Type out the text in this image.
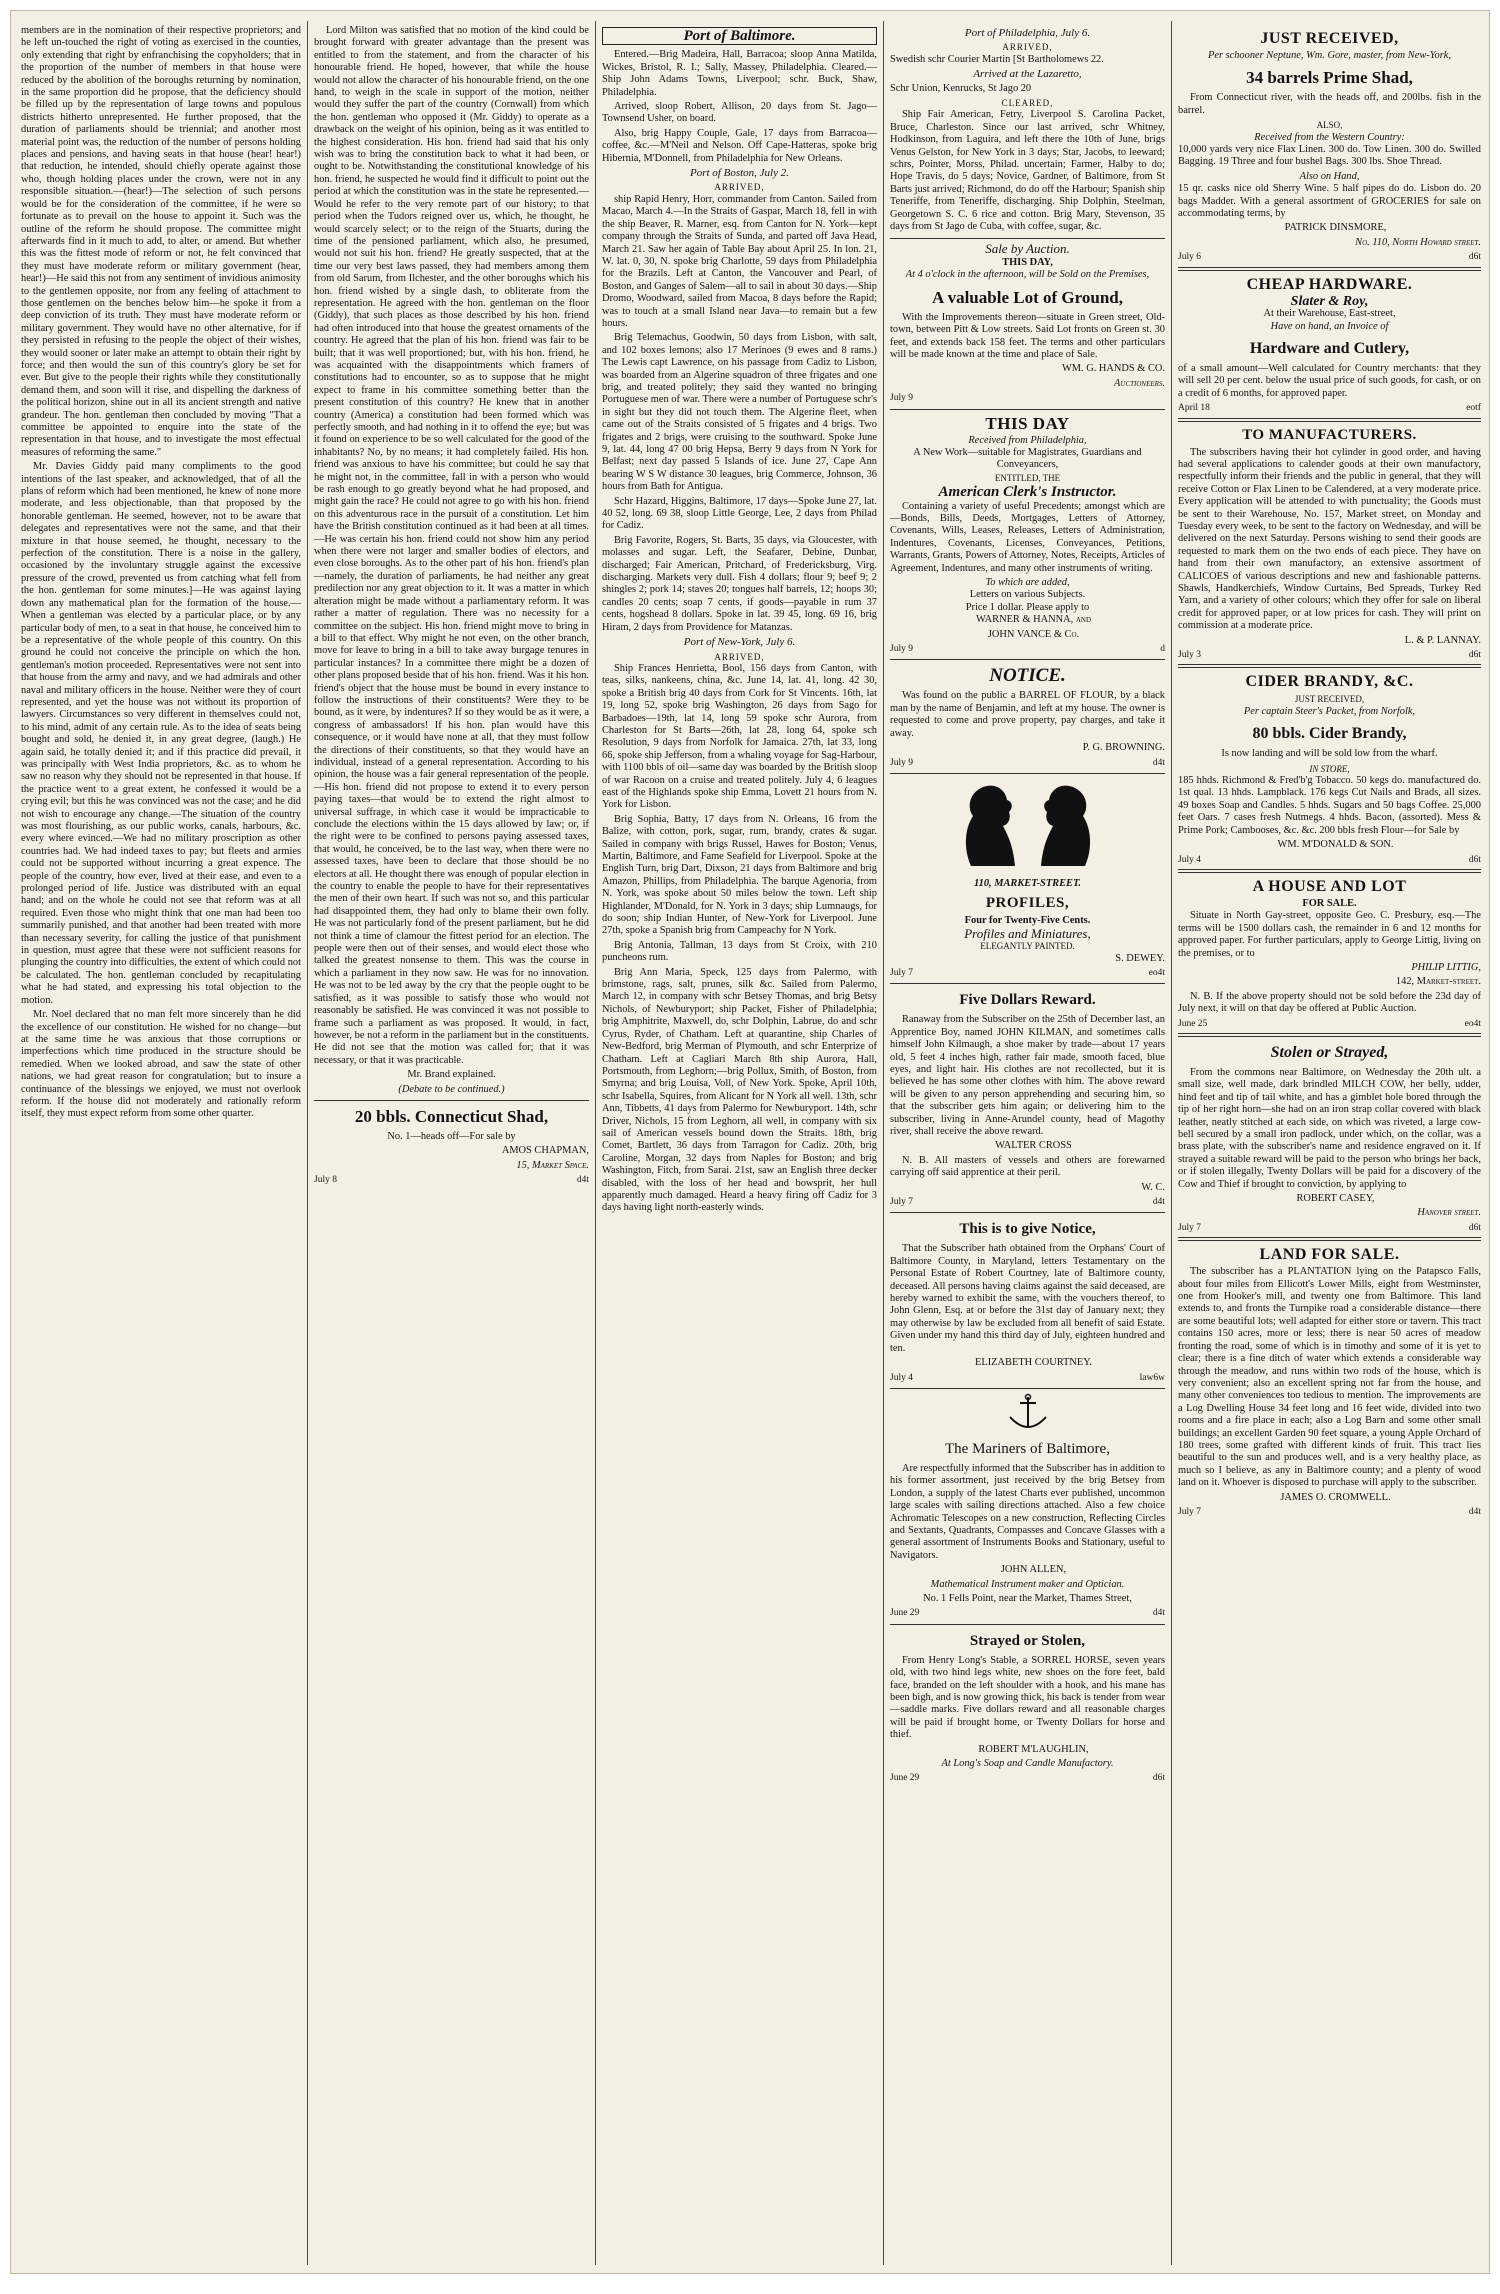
members are in the nomination of their respective proprietors; and he left un-touched the right of voting as exercised in the counties, only extending that right by enfranchising the copyholders; that in the proportion of the number of members in that house were reduced by the abolition of the boroughs returning by nomination, in the same proportion did he propose, that the deficiency should be filled up by the representation of large towns and populous districts hitherto unrepresented. He further proposed, that the duration of parliaments should be triennial; and another most material point was, the reduction of the number of persons holding places and pensions, and having seats in that house (hear! hear!) that reduction, he intended, should chiefly operate against those who, though holding places under the crown, were not in any responsible situation.—(hear!)—The selection of such persons would be for the consideration of the committee, if he were so fortunate as to prevail on the house to appoint it. Such was the outline of the reform he should propose. The committee might afterwards find in it much to add, to alter, or amend. But whether this was the fittest mode of reform or not, he felt convinced that they must have moderate reform or military government (hear, hear!)—He said this not from any sentiment of invidious animosity to the gentlemen opposite, nor from any feeling of attachment to those gentlemen on the benches below him—he spoke it from a deep conviction of its truth. They must have moderate reform or military government. They would have no other alternative, for if they persisted in refusing to the people the object of their wishes, they would sooner or later make an attempt to obtain their right by force; and then would the sun of this country's glory be set for ever. But give to the people their rights while they constitutionally demand them, and soon will it rise, and dispelling the darkness of the political horizon, shine out in all its ancient strength and native grandeur. The hon. gentleman then concluded by moving "That a committee be appointed to enquire into the state of the representation in that house, and to investigate the most effectual measures of reforming the same."

Mr. Davies Giddy paid many compliments to the good intentions of the last speaker, and acknowledged, that of all the plans of reform which had been mentioned, he knew of none more moderate, and less objectionable, than that proposed by the honorable gentleman. He seemed, however, not to be aware that delegates and representatives were not the same, and that their mixture in that house seemed, he thought, necessary to the perfection of the constitution. There is a noise in the gallery, occasioned by the involuntary struggle against the excessive pressure of the crowd, prevented us from catching what fell from the hon. gentleman for some minutes.]—He was against laying down any mathematical plan for the formation of the house.—When a gentleman was elected by a particular place, or by any particular body of men, to a seat in that house, he conceived him to be a representative of the whole people of this country. On this ground he could not conceive the principle on which the hon. gentleman's motion proceeded. Representatives were not sent into that house from the army and navy, and we had admirals and other naval and military officers in the house. Neither were they of court represented, and yet the house was not without its proportion of lawyers. Circumstances so very different in themselves could not, to his mind, admit of any certain rule. As to the idea of seats being bought and sold, he denied it, in any great degree, (laugh.) He again said, he totally denied it; and if this practice did prevail, it was principally with West India proprietors, &c. as to whom he saw no reason why they should not be represented in that house. If the practice went to a great extent, he confessed it would be a crying evil; but this he was convinced was not the case; and he did not wish to encourage any change.—The situation of the country was most flourishing, as our public works, canals, harbours, &c. every where evinced.—We had no military proscription as other countries had. We had indeed taxes to pay; but fleets and armies could not be supported without incurring a great expence. The people of the country, how ever, lived at their ease, and even to a prolonged period of life. Justice was distributed with an equal hand; and on the whole he could not see that reform was at all required. Even those who might think that one man had been too summarily punished, and that another had been treated with more than necessary severity, for calling the justice of that punishment in question, must agree that these were not sufficient reasons for plunging the country into difficulties, the extent of which could not be calculated. The hon. gentleman concluded by recapitulating what he had stated, and expressing his total objection to the motion.

Mr. Noel declared that no man felt more sincerely than he did the excellence of our constitution. He wished for no change—but at the same time he was anxious that those corruptions or imperfections which time produced in the structure should be remedied. When we looked abroad, and saw the state of other nations, we had great reason for congratulation; but to insure a continuance of the blessings we enjoyed, we must not overlook reform. If the house did not moderately and rationally reform itself, they must expect reform from some other quarter.

Lord Milton was satisfied that no motion of the kind could be brought forward with greater advantage than the present was entitled to from the statement, and from the character of his honourable friend. He hoped, however, that while the house would not allow the character of his honourable friend, on the one hand, to weigh in the scale in support of the motion, neither would they suffer the part of the country (Cornwall) from which the hon. gentleman who opposed it (Mr. Giddy) to operate as a drawback on the weight of his opinion, being as it was entitled to the highest consideration. His hon. friend had said that his only wish was to bring the constitution back to what it had been, or ought to be. Notwithstanding the constitutional knowledge of his hon. friend, he suspected he would find it difficult to point out the period at which the constitution was in the state he represented.—Would he refer to the very remote part of our history; to that period when the Tudors reigned over us, which, he thought, he would scarcely select; or to the reign of the Stuarts, during the time of the pensioned parliament, which also, he presumed, would not suit his hon. friend? He greatly suspected, that at the time our very best laws passed, they had members among them from old Sarum, from Ilchester, and the other boroughs which his hon. friend wished by a single dash, to obliterate from the representation. He agreed with the hon. gentleman on the floor (Giddy), that such places as those described by his hon. friend had often introduced into that house the greatest ornaments of the country. He agreed that the plan of his hon. friend was fair to be built; that it was well proportioned; but, with his hon. friend, he was acquainted with the disappointments which framers of constitutions had to encounter, so as to suppose that he might expect to frame in his committee something better than the present constitution of this country? He knew that in another country (America) a constitution had been formed which was perfectly smooth, and had nothing in it to offend the eye; but was it found on experience to be so well calculated for the good of the inhabitants? No, by no means; it had completely failed. His hon. friend was anxious to have his committee; but could he say that he might not, in the committee, fall in with a person who would be rash enough to go greatly beyond what he had proposed, and might gain the race? He could not agree to go with his hon. friend on this adventurous race in the pursuit of a constitution. Let him have the British constitution continued as it had been at all times.—He was certain his hon. friend could not show him any period when there were not larger and smaller bodies of electors, and even close boroughs. As to the other part of his hon. friend's plan—namely, the duration of parliaments, he had neither any great predilection nor any great objection to it. It was a matter in which alteration might be made without a parliamentary reform. It was rather a matter of regulation. There was no necessity for a committee on the subject. His hon. friend might move to bring in a bill to that effect. Why might he not even, on the other branch, move for leave to bring in a bill to take away burgage tenures in particular instances? In a committee there might be a dozen of other plans proposed beside that of his hon. friend. Was it his hon. friend's object that the house must be bound in every instance to follow the instructions of their constituents? Were they to be bound, as it were, by indentures? If so they would be as it were, a congress of ambassadors! If his hon. plan would have this consequence, or it would have none at all, that they must follow the directions of their constituents, so that they would have an individual, instead of a general representation. According to his opinion, the house was a fair general representation of the people.—His hon. friend did not propose to extend it to every person paying taxes—that would be to extend the right almost to universal suffrage, in which case it would be impracticable to conclude the elections within the 15 days allowed by law; or, if the right were to be confined to persons paying assessed taxes, that would, he conceived, be to the last way, when there were no assessed taxes, have been to declare that those should be no electors at all. He thought there was enough of popular election in the country to enable the people to have for their representatives the men of their own heart. If such was not so, and this particular had disappointed them, they had only to blame their own folly. He was not particularly fond of the present parliament, but he did not think a time of clamour the fittest period for an election. The people were then out of their senses, and would elect those who talked the greatest nonsense to them. This was the course in which a parliament in they now saw. He was for no innovation. He was not to be led away by the cry that the people ought to be satisfied, as it was possible to satisfy those who would not reasonably be satisfied. He was convinced it was not possible to frame such a parliament as was proposed. It would, in fact, however, be not a reform in the parliament but in the constituents. He did not see that the motion was called for; that it was necessary, or that it was practicable.

Mr. Brand explained.

(Debate to be continued.)

20 bbls. Connecticut Shad,

No. 1—heads off—For sale by

AMOS CHAPMAN,

15, Market Space.

July 8	d4t
Port of Baltimore.

Entered.—Brig Madeira, Hall, Barracoa; sloop Anna Matilda, Wickes, Bristol, R. I.; Sally, Massey, Philadelphia. Cleared.—Ship John Adams Towns, Liverpool; schr. Buck, Shaw, Philadelphia.

Arrived, sloop Robert, Allison, 20 days from St. Jago—Townsend Usher, on board.

Also, brig Happy Couple, Gale, 17 days from Barracoa—coffee, &c.—M'Neil and Nelson. Off Cape-Hatteras, spoke brig Hibernia, M'Donnell, from Philadelphia for New Orleans.

Port of Boston, July 2.
ARRIVED,

ship Rapid Henry, Horr, commander from Canton. Sailed from Macao, March 4.—In the Straits of Gaspar, March 18, fell in with the ship Beaver, R. Marner, esq. from Canton for N. York—kept company through the Straits of Sunda, and parted off Java Head, March 21. Saw her again of Table Bay about April 25. In lon. 21, W. lat. 0, 30, N. spoke brig Charlotte, 59 days from Philadelphia for the Brazils. Left at Canton, the Vancouver and Pearl, of Boston, and Ganges of Salem—all to sail in about 30 days.—Ship Dromo, Woodward, sailed from Macoa, 8 days before the Rapid; was to touch at a small Island near Java—to remain but a few hours.

Brig Telemachus, Goodwin, 50 days from Lisbon, with salt, and 102 boxes lemons; also 17 Merinoes (9 ewes and 8 rams.) The Lewis capt Lawrence, on his passage from Cadiz to Lisbon, was boarded from an Algerine squadron of three frigates and one brig, and treated politely; they said they wanted no bringing Portuguese men of war. There were a number of Portuguese schr's in sight but they did not touch them. The Algerine fleet, when came out of the Straits consisted of 5 frigates and 4 brigs. Two frigates and 2 brigs, were cruising to the southward. Spoke June 9, lat. 44, long 47 00 brig Hepsa, Berry 9 days from N York for Belfast; next day passed 5 Islands of ice. June 27, Cape Ann bearing W S W distance 30 leagues, brig Commerce, Johnson, 36 hours from Bath for Antigua.

Schr Hazard, Higgins, Baltimore, 17 days—Spoke June 27, lat. 40 52, long. 69 38, sloop Little George, Lee, 2 days from Philad for Cadiz.

Brig Favorite, Rogers, St. Barts, 35 days, via Gloucester, with molasses and sugar. Left, the Seafarer, Debine, Dunbar, discharged; Fair American, Pritchard, of Fredericksburg, Virg. discharging. Markets very dull. Fish 4 dollars; flour 9; beef 9; 2 shingles 2; pork 14; staves 20; tongues half barrels, 12; hoops 30; candles 20 cents; soap 7 cents, if goods—payable in rum 37 cents, hogshead 8 dollars. Spoke in lat. 39 45, long. 69 16, brig Hiram, 2 days from Providence for Matanzas.

Port of New-York, July 6.
ARRIVED,

Ship Frances Henrietta, Bool, 156 days from Canton, with teas, silks, nankeens, china, &c. June 14, lat. 41, long. 42 30, spoke a British brig 40 days from Cork for St Vincents. 16th, lat 19, long 52, spoke brig Washington, 26 days from Sago for Barbadoes—19th, lat 14, long 59 spoke schr Aurora, from Charleston for St Barts—26th, lat 28, long 64, spoke sch Resolution, 9 days from Norfolk for Jamaica. 27th, lat 33, long 66, spoke ship Jefferson, from a whaling voyage for Sag-Harbour, with 1100 bbls of oil—same day was boarded by the British sloop of war Racoon on a cruise and treated politely. July 4, 6 leagues east of the Highlands spoke ship Emma, Lovett 21 hours from N. York for Lisbon.

Brig Sophia, Batty, 17 days from N. Orleans, 16 from the Balize, with cotton, pork, sugar, rum, brandy, crates & sugar. Sailed in company with brigs Russel, Hawes for Boston; Venus, Martin, Baltimore, and Fame Seafield for Liverpool. Spoke at the English Turn, brig Dart, Dixson, 21 days from Baltimore and brig Amazon, Phillips, from Philadelphia. The barque Agenoria, from N. York, was spoke about 50 miles below the town. Left ship Highlander, M'Donald, for N. York in 3 days; ship Lumnaugs, for do soon; ship Indian Hunter, of New-York for Liverpool. June 27th, spoke a Spanish brig from Campeachy for N York.

Brig Antonia, Tallman, 13 days from St Croix, with 210 puncheons rum.

Brig Ann Maria, Speck, 125 days from Palermo, with brimstone, rags, salt, prunes, silk &c. Sailed from Palermo, March 12, in company with schr Betsey Thomas, and brig Betsy Nichols, of Newburyport; ship Packet, Fisher of Philadelphia; brig Amphitrite, Maxwell, do, schr Dolphin, Labrue, do and schr Cyrus, Ryder, of Chatham. Left at quarantine, ship Charles of New-Bedford, brig Merman of Plymouth, and schr Enterprize of Chatham. Left at Cagliari March 8th ship Aurora, Hall, Portsmouth, from Leghorn;—brig Pollux, Smith, of Boston, from Smyrna; and brig Louisa, Voll, of New York. Spoke, April 10th, schr Isabella, Squires, from Alicant for N York all well. 13th, schr Ann, Tibbetts, 41 days from Palermo for Newburyport. 14th, schr Driver, Nichols, 15 from Leghorn, all well, in company with six sail of American vessels bound down the Straits. 18th, brig Comet, Bartlett, 36 days from Tarragon for Cadiz. 20th, brig Caroline, Morgan, 32 days from Naples for Boston; and brig Washington, Fitch, from Sarai. 21st, saw an English three decker disabled, with the loss of her head and bowsprit, her hull apparently much damaged. Heard a heavy firing off Cadiz for 3 days having light north-easterly winds.

Port of Philadelphia, July 6.
ARRIVED,

Swedish schr Courier Martin [St Bartholomews 22.

Arrived at the Lazaretto,

Schr Union, Kenrucks, St Jago 20

CLEARED,

Ship Fair American, Fetry, Liverpool S. Carolina Packet, Bruce, Charleston. Since our last arrived, schr Whitney, Hodkinson, from Laguira, and left there the 10th of June, brigs Venus Gelston, for New York in 3 days; Star, Jacobs, to leeward; schrs, Pointer, Morss, Philad. uncertain; Farmer, Halby to do; Hope Travis, do 5 days; Novice, Gardner, of Baltimore, from St Barts just arrived; Richmond, do do off the Harbour; Spanish ship Teneriffe, from Teneriffe, discharging. Ship Dolphin, Steelman, Georgetown S. C. 6 rice and cotton. Brig Mary, Stevenson, 35 days from St Jago de Cuba, with coffee, sugar, &c.

Sale by Auction.
THIS DAY,
At 4 o'clock in the afternoon, will be Sold on the Premises,
A valuable Lot of Ground,

With the Improvements thereon—situate in Green street, Old-town, between Pitt & Low streets. Said Lot fronts on Green st. 30 feet, and extends back 158 feet. The terms and other particulars will be made known at the time and place of Sale.

WM. G. HANDS & CO.

Auctioneers.

July 9
THIS DAY
Received from Philadelphia,
A New Work—suitable for Magistrates, Guardians and Conveyancers,
ENTITLED, THE
American Clerk's Instructor.

Containing a variety of useful Precedents; amongst which are—Bonds, Bills, Deeds, Mortgages, Letters of Attorney, Covenants, Wills, Leases, Releases, Letters of Administration, Indentures, Covenants, Licenses, Conveyances, Petitions, Warrants, Grants, Powers of Attorney, Notes, Receipts, Articles of Agreement, Indentures, and many other instruments of writing.

To which are added,
Letters on various Subjects.
Price 1 dollar. Please apply to

WARNER & HANNA, and

JOHN VANCE & Co.

July 9	d
NOTICE.

Was found on the public a BARREL OF FLOUR, by a black man by the name of Benjamin, and left at my house. The owner is requested to come and prove property, pay charges, and take it away.

P. G. BROWNING.

July 9	d4t
110, MARKET-STREET.
PROFILES,
Four for Twenty-Five Cents.
Profiles and Miniatures,
ELEGANTLY PAINTED.

S. DEWEY.

July 7	eo4t
Five Dollars Reward.

Ranaway from the Subscriber on the 25th of December last, an Apprentice Boy, named JOHN KILMAN, and sometimes calls himself John Kilmaugh, a shoe maker by trade—about 17 years old, 5 feet 4 inches high, rather fair made, smooth faced, blue eyes, and light hair. His clothes are not recollected, but it is believed he has some other clothes with him. The above reward will be given to any person apprehending and securing him, so that the subscriber gets him again; or delivering him to the subscriber, living in Anne-Arundel county, head of Magothy river, shall receive the above reward.

WALTER CROSS

N. B. All masters of vessels and others are forewarned carrying off said apprentice at their peril.

W. C.

July 7	d4t
This is to give Notice,

That the Subscriber hath obtained from the Orphans' Court of Baltimore County, in Maryland, letters Testamentary on the Personal Estate of Robert Courtney, late of Baltimore county, deceased. All persons having claims against the said deceased, are hereby warned to exhibit the same, with the vouchers thereof, to John Glenn, Esq. at or before the 31st day of January next; they may otherwise by law be excluded from all benefit of said Estate. Given under my hand this third day of July, eighteen hundred and ten.

ELIZABETH COURTNEY.

July 4	law6w
The Mariners of Baltimore,

Are respectfully informed that the Subscriber has in addition to his former assortment, just received by the brig Betsey from London, a supply of the latest Charts ever published, uncommon large scales with sailing directions attached. Also a few choice Achromatic Telescopes on a new construction, Reflecting Circles and Sextants, Quadrants, Compasses and Concave Glasses with a general assortment of Instruments Books and Stationary, useful to Navigators.

JOHN ALLEN,

Mathematical Instrument maker and Optician.

No. 1 Fells Point, near the Market, Thames Street,

June 29	d4t
Strayed or Stolen,

From Henry Long's Stable, a SORREL HORSE, seven years old, with two hind legs white, new shoes on the fore feet, bald face, branded on the left shoulder with a hook, and his mane has been bigh, and is now growing thick, his back is tender from wear—saddle marks. Five dollars reward and all reasonable charges will be paid if brought home, or Twenty Dollars for horse and thief.

ROBERT M'LAUGHLIN,

At Long's Soap and Candle Manufactory.

June 29	d6t
JUST RECEIVED,
Per schooner Neptune, Wm. Gore, master, from New-York,
34 barrels Prime Shad,

From Connecticut river, with the heads off, and 200lbs. fish in the barrel.

ALSO,
Received from the Western Country:

10,000 yards very nice Flax Linen. 300 do. Tow Linen. 300 do. Swilled Bagging. 19 Three and four bushel Bags. 300 lbs. Shoe Thread.

Also on Hand,

15 qr. casks nice old Sherry Wine. 5 half pipes do do. Lisbon do. 20 bags Madder. With a general assortment of GROCERIES for sale on accommodating terms, by

PATRICK DINSMORE,

No. 110, North Howard street.

July 6	d6t
CHEAP HARDWARE.
Slater & Roy,
At their Warehouse, East-street,
Have on hand, an Invoice of
Hardware and Cutlery,

of a small amount—Well calculated for Country merchants: that they will sell 20 per cent. below the usual price of such goods, for cash, or on a credit of 6 months, for approved paper.

April 18	eotf
TO MANUFACTURERS.

The subscribers having their hot cylinder in good order, and having had several applications to calender goods at their own manufactory, respectfully inform their friends and the public in general, that they will receive Cotton or Flax Linen to be Calendered, at a very moderate price. Every application will be attended to with punctuality; the Goods must be sent to their Warehouse, No. 157, Market street, on Monday and Tuesday every week, to be sent to the factory on Wednesday, and will be delivered on the next Saturday. Persons wishing to send their goods are requested to mark them on the two ends of each piece. They have on hand from their own manufactory, an extensive assortment of CALICOES of various descriptions and new and fashionable patterns. Shawls, Handkerchiefs, Window Curtains, Bed Spreads, Turkey Red Yarn, and a variety of other colours; which they offer for sale on liberal credit for approved paper, or at low prices for cash. They will print on commission at a moderate price.

L. & P. LANNAY.

July 3	d6t
CIDER BRANDY, &C.
JUST RECEIVED,
Per captain Steer's Packet, from Norfolk,
80 bbls. Cider Brandy,

Is now landing and will be sold low from the wharf.

IN STORE,

185 hhds. Richmond & Fred'b'g Tobacco. 50 kegs do. manufactured do. 1st qual. 13 hhds. Lampblack. 176 kegs Cut Nails and Brads, all sizes. 49 boxes Soap and Candles. 5 hhds. Sugars and 50 bags Coffee. 25,000 feet Oars. 7 cases fresh Nutmegs. 4 hhds. Bacon, (assorted). Mess & Prime Pork; Cambooses, &c. &c. 200 bbls fresh Flour—for Sale by

WM. M'DONALD & SON.

July 4	d6t
A HOUSE AND LOT
FOR SALE.

Situate in North Gay-street, opposite Geo. C. Presbury, esq.—The terms will be 1500 dollars cash, the remainder in 6 and 12 months for approved paper. For further particulars, apply to George Littig, living on the premises, or to

PHILIP LITTIG,

142, Market-street.

N. B. If the above property should not be sold before the 23d day of July next, it will on that day be offered at Public Auction.

June 25	eo4t
Stolen or Strayed,

From the commons near Baltimore, on Wednesday the 20th ult. a small size, well made, dark brindled MILCH COW, her belly, udder, hind feet and tip of tail white, and has a gimblet hole bored through the tip of her right horn—she had on an iron strap collar covered with black leather, neatly stitched at each side, on which was riveted, a large cow-bell secured by a small iron padlock, under which, on the collar, was a brass plate, with the subscriber's name and residence engraved on it. If strayed a suitable reward will be paid to the person who brings her back, or if stolen illegally, Twenty Dollars will be paid for a discovery of the Cow and Thief if brought to conviction, by applying to

ROBERT CASEY,

Hanover street.

July 7	d6t
LAND FOR SALE.

The subscriber has a PLANTATION lying on the Patapsco Falls, about four miles from Ellicott's Lower Mills, eight from Westminster, one from Hooker's mill, and twenty one from Baltimore. This land extends to, and fronts the Turnpike road a considerable distance—there are some beautiful lots; well adapted for either store or tavern. This tract contains 150 acres, more or less; there is near 50 acres of meadow fronting the road, some of which is in timothy and some of it is yet to clear; there is a fine ditch of water which extends a considerable way through the meadow, and runs within two rods of the house, which is very convenient; also an excellent spring not far from the house, and many other conveniences too tedious to mention. The improvements are a Log Dwelling House 34 feet long and 16 feet wide, divided into two rooms and a fire place in each; also a Log Barn and some other small buildings; an excellent Garden 90 feet square, a young Apple Orchard of 180 trees, some grafted with different kinds of fruit. This tract lies beautiful to the sun and produces well, and is a very healthy place, as much so I believe, as any in Baltimore county; and a plenty of wood land on it. Whoever is disposed to purchase will apply to the subscriber.

JAMES O. CROMWELL.

July 7	d4t
